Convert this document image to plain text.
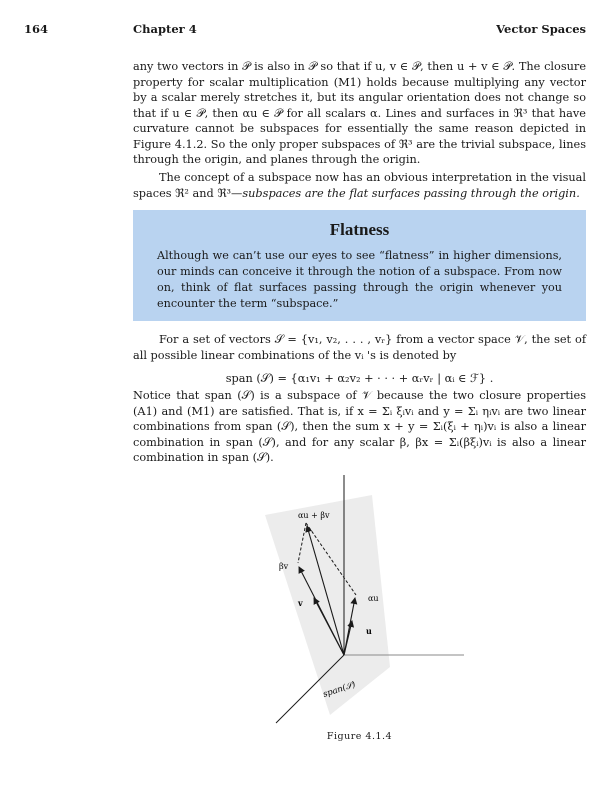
164	Chapter 4	Vector Spaces

any two vectors in 𝒫 is also in 𝒫 so that if u, v ∈ 𝒫, then u + v ∈ 𝒫. The closure property for scalar multiplication (M1) holds because multiplying any vector by a scalar merely stretches it, but its angular orientation does not change so that if u ∈ 𝒫, then αu ∈ 𝒫 for all scalars α. Lines and surfaces in ℜ³ that have curvature cannot be subspaces for essentially the same reason depicted in Figure 4.1.2. So the only proper subspaces of ℜ³ are the trivial subspace, lines through the origin, and planes through the origin.

The concept of a subspace now has an obvious interpretation in the visual spaces ℜ² and ℜ³—subspaces are the flat surfaces passing through the origin.

Flatness
Although we can’t use our eyes to see “flatness” in higher dimensions, our minds can conceive it through the notion of a subspace. From now on, think of flat surfaces passing through the origin whenever you encounter the term “subspace.”

For a set of vectors 𝒮 = {v₁, v₂, . . . , vᵣ} from a vector space 𝒱, the set of all possible linear combinations of the vᵢ 's is denoted by

span (𝒮) = {α₁v₁ + α₂v₂ + · · · + αᵣvᵣ | αᵢ ∈ ℱ} .

Notice that span (𝒮) is a subspace of 𝒱 because the two closure properties (A1) and (M1) are satisfied. That is, if x = Σᵢ ξᵢvᵢ and y = Σᵢ ηᵢvᵢ are two linear combinations from span (𝒮), then the sum x + y = Σᵢ(ξᵢ + ηᵢ)vᵢ is also a linear combination in span (𝒮), and for any scalar β, βx = Σᵢ(βξᵢ)vᵢ is also a linear combination in span (𝒮).

αu + βv
βv
v	αu
u
span(𝒮)
Figure 4.1.4
